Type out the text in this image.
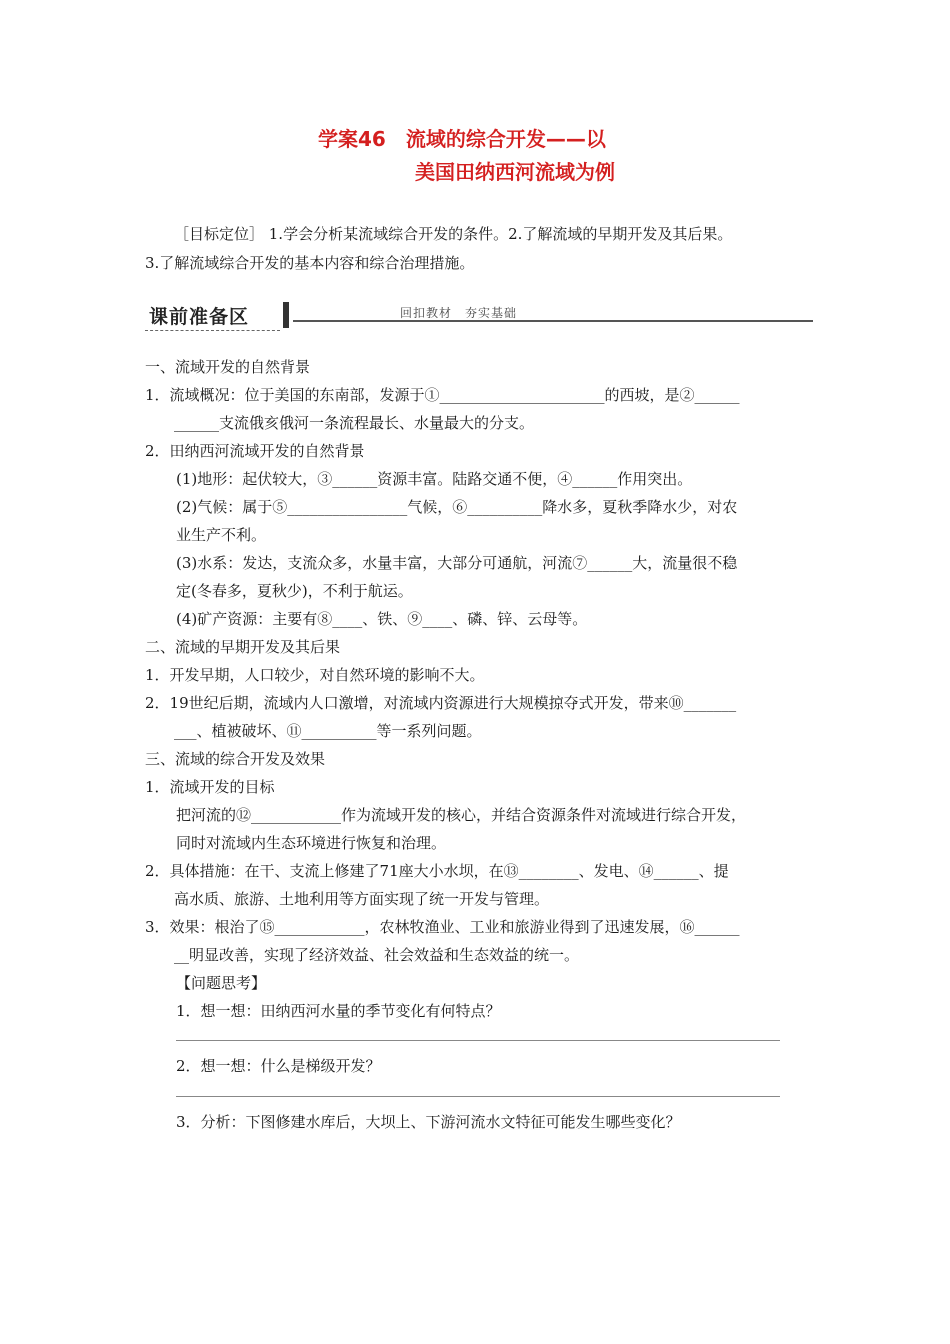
学案46　流域的综合开发——以
美国田纳西河流域为例
［目标定位］ 1.学会分析某流域综合开发的条件。2.了解流域的早期开发及其后果。
3.了解流域综合开发的基本内容和综合治理措施。
课前准备区	回扣教材　夯实基础
一、流域开发的自然背景
1．流域概况：位于美国的东南部，发源于①______________________的西坡，是②______
______支流俄亥俄河一条流程最长、水量最大的分支。
2．田纳西河流域开发的自然背景
(1)地形：起伏较大，③______资源丰富。陆路交通不便，④______作用突出。
(2)气候：属于⑤________________气候，⑥__________降水多，夏秋季降水少，对农
业生产不利。
(3)水系：发达，支流众多，水量丰富，大部分可通航，河流⑦______大，流量很不稳
定(冬春多，夏秋少)，不利于航运。
(4)矿产资源：主要有⑧____、铁、⑨____、磷、锌、云母等。
二、流域的早期开发及其后果
1．开发早期，人口较少，对自然环境的影响不大。
2．19世纪后期，流域内人口激增，对流域内资源进行大规模掠夺式开发，带来⑩_______
___、植被破坏、⑪__________等一系列问题。
三、流域的综合开发及效果
1．流域开发的目标
把河流的⑫____________作为流域开发的核心，并结合资源条件对流域进行综合开发，
同时对流域内生态环境进行恢复和治理。
2．具体措施：在干、支流上修建了71座大小水坝，在⑬________、发电、⑭______、提
高水质、旅游、土地利用等方面实现了统一开发与管理。
3．效果：根治了⑮____________，农林牧渔业、工业和旅游业得到了迅速发展，⑯______
__明显改善，实现了经济效益、社会效益和生态效益的统一。
【问题思考】
1．想一想：田纳西河水量的季节变化有何特点？
2．想一想：什么是梯级开发？
3．分析：下图修建水库后，大坝上、下游河流水文特征可能发生哪些变化？
